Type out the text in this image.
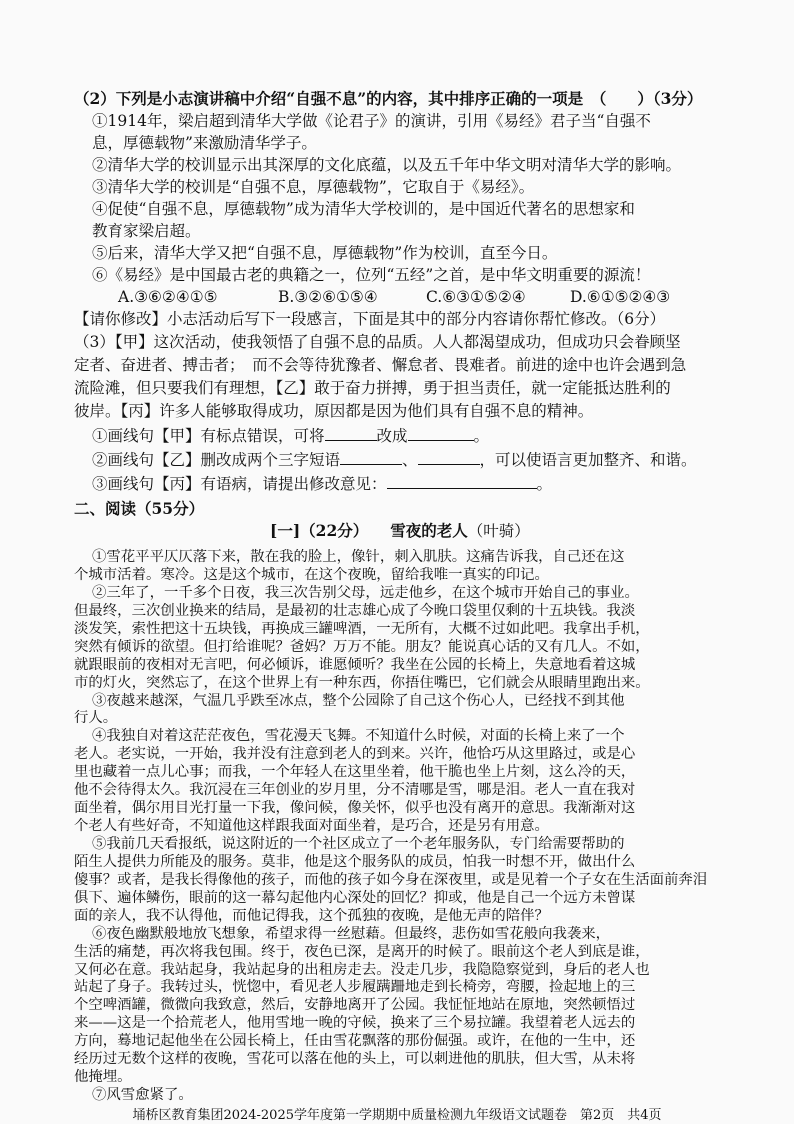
（2）下列是小志演讲稿中介绍“自强不息”的内容，其中排序正确的一项是　（　　）（3分）
①1914年，梁启超到清华大学做《论君子》的演讲，引用《易经》君子当“自强不
息，厚德载物”来激励清华学子。
②清华大学的校训显示出其深厚的文化底蕴，以及五千年中华文明对清华大学的影响。
③清华大学的校训是“自强不息，厚德载物”，它取自于《易经》。
④促使“自强不息，厚德载物”成为清华大学校训的，是中国近代著名的思想家和
教育家梁启超。
⑤后来，清华大学又把“自强不息，厚德载物”作为校训，直至今日。
⑥《易经》是中国最古老的典籍之一，位列“五经”之首，是中华文明重要的源流！
A.③⑥②④①⑤	B.③②⑥①⑤④	C.⑥③①⑤②④	D.⑥①⑤②④③
【请你修改】小志活动后写下一段感言，下面是其中的部分内容请你帮忙修改。（6分）
（3）【甲】这次活动，使我领悟了自强不息的品质。人人都渴望成功，但成功只会眷顾坚
定者、奋进者、搏击者；　而不会等待犹豫者、懈怠者、畏难者。前进的途中也许会遇到急
流险滩，但只要我们有理想，【乙】敢于奋力拼搏，勇于担当责任，就一定能抵达胜利的
彼岸。【丙】许多人能够取得成功，原因都是因为他们具有自强不息的精神。
①画线句【甲】有标点错误，可将	改成	。
②画线句【乙】删改成两个三字短语	、	，可以使语言更加整齐、和谐。
③画线句【丙】有语病，请提出修改意见：	。
二、阅读（55分）
[一]（22分） 雪夜的老人（叶骑）
①雪花平平仄仄落下来，散在我的脸上，像针，刺入肌肤。这痛告诉我，自己还在这
个城市活着。寒冷。这是这个城市，在这个夜晚，留给我唯一真实的印记。
②三年了，一千多个日夜，我三次告别父母，远走他乡，在这个城市开始自己的事业。
但最终，三次创业换来的结局，是最初的壮志雄心成了今晚口袋里仅剩的十五块钱。我淡
淡发笑，索性把这十五块钱，再换成三罐啤酒，一无所有，大概不过如此吧。我拿出手机，
突然有倾诉的欲望。但打给谁呢？爸妈？万万不能。朋友？能说真心话的又有几人。不如，
就跟眼前的夜相对无言吧，何必倾诉，谁愿倾听？我坐在公园的长椅上，失意地看着这城
市的灯火，突然忘了，在这个世界上有一种东西，你捂住嘴巴，它们就会从眼睛里跑出来。
③夜越来越深，气温几乎跌至冰点，整个公园除了自己这个伤心人，已经找不到其他
行人。
④我独自对着这茫茫夜色，雪花漫天飞舞。不知道什么时候，对面的长椅上来了一个
老人。老实说，一开始，我并没有注意到老人的到来。兴许，他恰巧从这里路过，或是心
里也藏着一点儿心事；而我，一个年轻人在这里坐着，他干脆也坐上片刻，这么冷的天，
他不会待得太久。我沉浸在三年创业的岁月里，分不清哪是雪，哪是泪。老人一直在我对
面坐着，偶尔用目光打量一下我，像问候，像关怀，似乎也没有离开的意思。我渐渐对这
个老人有些好奇，不知道他这样跟我面对面坐着，是巧合，还是另有用意。
⑤我前几天看报纸，说这附近的一个社区成立了一个老年服务队，专门给需要帮助的
陌生人提供力所能及的服务。莫非，他是这个服务队的成员，怕我一时想不开，做出什么
傻事？或者，是我长得像他的孩子，而他的孩子如今身在深夜里，或是见着一个子女在生活面前奔泪
俱下、遍体鳞伤，眼前的这一幕勾起他内心深处的回忆？抑或，他是自己一个远方未曾谋
面的亲人，我不认得他，而他记得我，这个孤独的夜晚，是他无声的陪伴？
⑥夜色幽默般地放飞想象，希望求得一丝慰藉。但最终，悲伤如雪花般向我袭来，
生活的痛楚，再次将我包围。终于，夜色已深，是离开的时候了。眼前这个老人到底是谁，
又何必在意。我站起身，我站起身的出租房走去。没走几步，我隐隐察觉到，身后的老人也
站起了身子。我转过头，恍惚中，看见老人步履蹒跚地走到长椅旁，弯腰，捡起地上的三
个空啤酒罐，微微向我致意，然后，安静地离开了公园。我怔怔地站在原地，突然顿悟过
来——这是一个拾荒老人，他用雪地一晚的守候，换来了三个易拉罐。我望着老人远去的
方向，蓦地记起他坐在公园长椅上，任由雪花飘落的那份倔强。或许，在他的一生中，还
经历过无数个这样的夜晚，雪花可以落在他的头上，可以刺进他的肌肤，但大雪，从未将
他掩埋。
⑦风雪愈紧了。
埇桥区教育集团2024-2025学年度第一学期期中质量检测九年级语文试题卷　第2页　共4页
